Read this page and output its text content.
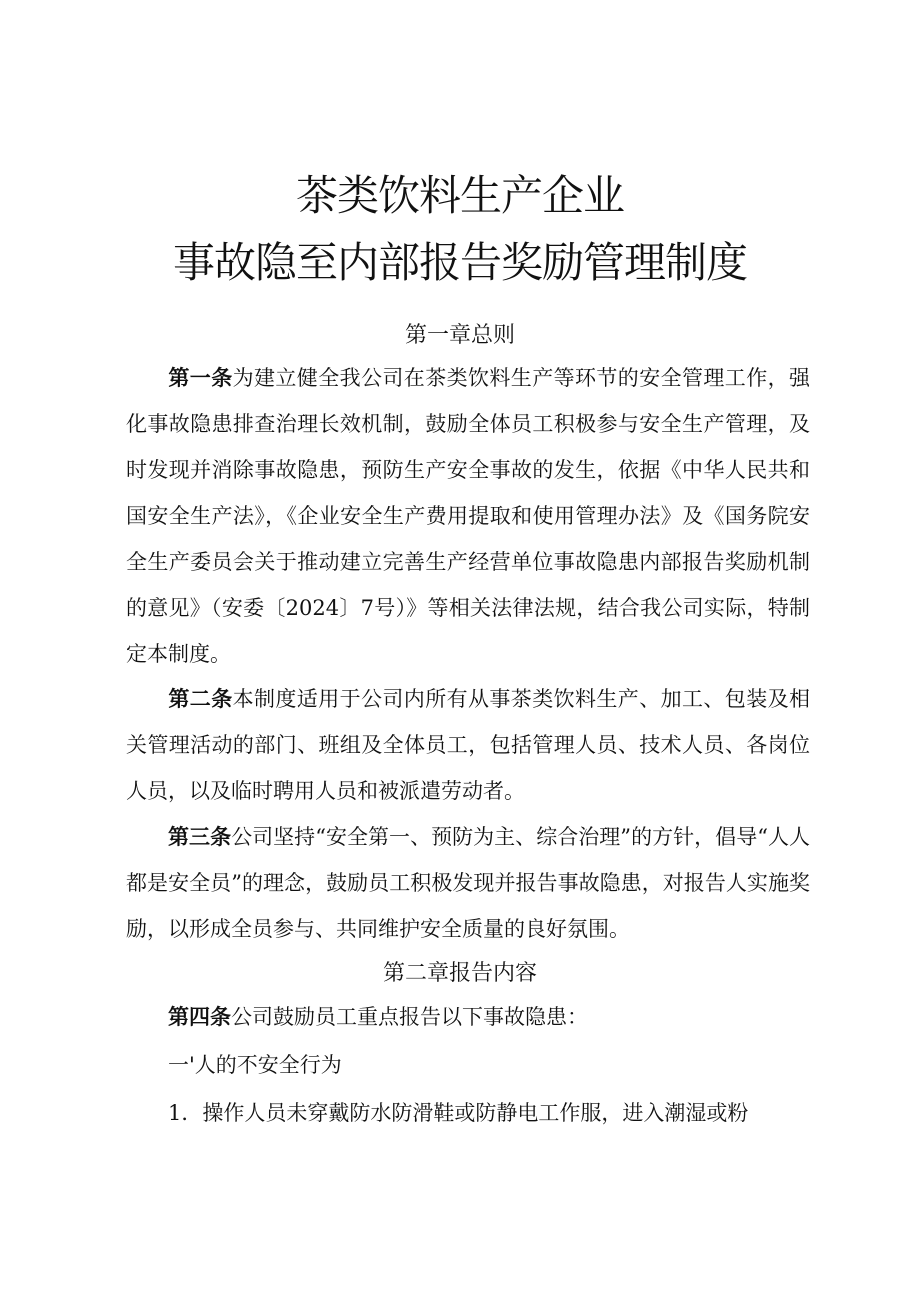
茶类饮料生产企业
事故隐至内部报告奖励管理制度
第一章总则
第一条为建立健全我公司在茶类饮料生产等环节的安全管理工作，强化事故隐患排查治理长效机制，鼓励全体员工积极参与安全生产管理，及时发现并消除事故隐患，预防生产安全事故的发生，依据《中华人民共和国安全生产法》，《企业安全生产费用提取和使用管理办法》及《国务院安全生产委员会关于推动建立完善生产经营单位事故隐患内部报告奖励机制的意见》（安委〔2024〕7号）》等相关法律法规，结合我公司实际，特制定本制度。
第二条本制度适用于公司内所有从事茶类饮料生产、加工、包装及相关管理活动的部门、班组及全体员工，包括管理人员、技术人员、各岗位人员，以及临时聘用人员和被派遣劳动者。
第三条公司坚持“安全第一、预防为主、综合治理”的方针，倡导“人人都是安全员”的理念，鼓励员工积极发现并报告事故隐患，对报告人实施奖励，以形成全员参与、共同维护安全质量的良好氛围。
第二章报告内容
第四条公司鼓励员工重点报告以下事故隐患：
一'人的不安全行为
1．操作人员未穿戴防水防滑鞋或防静电工作服，进入潮湿或粉
